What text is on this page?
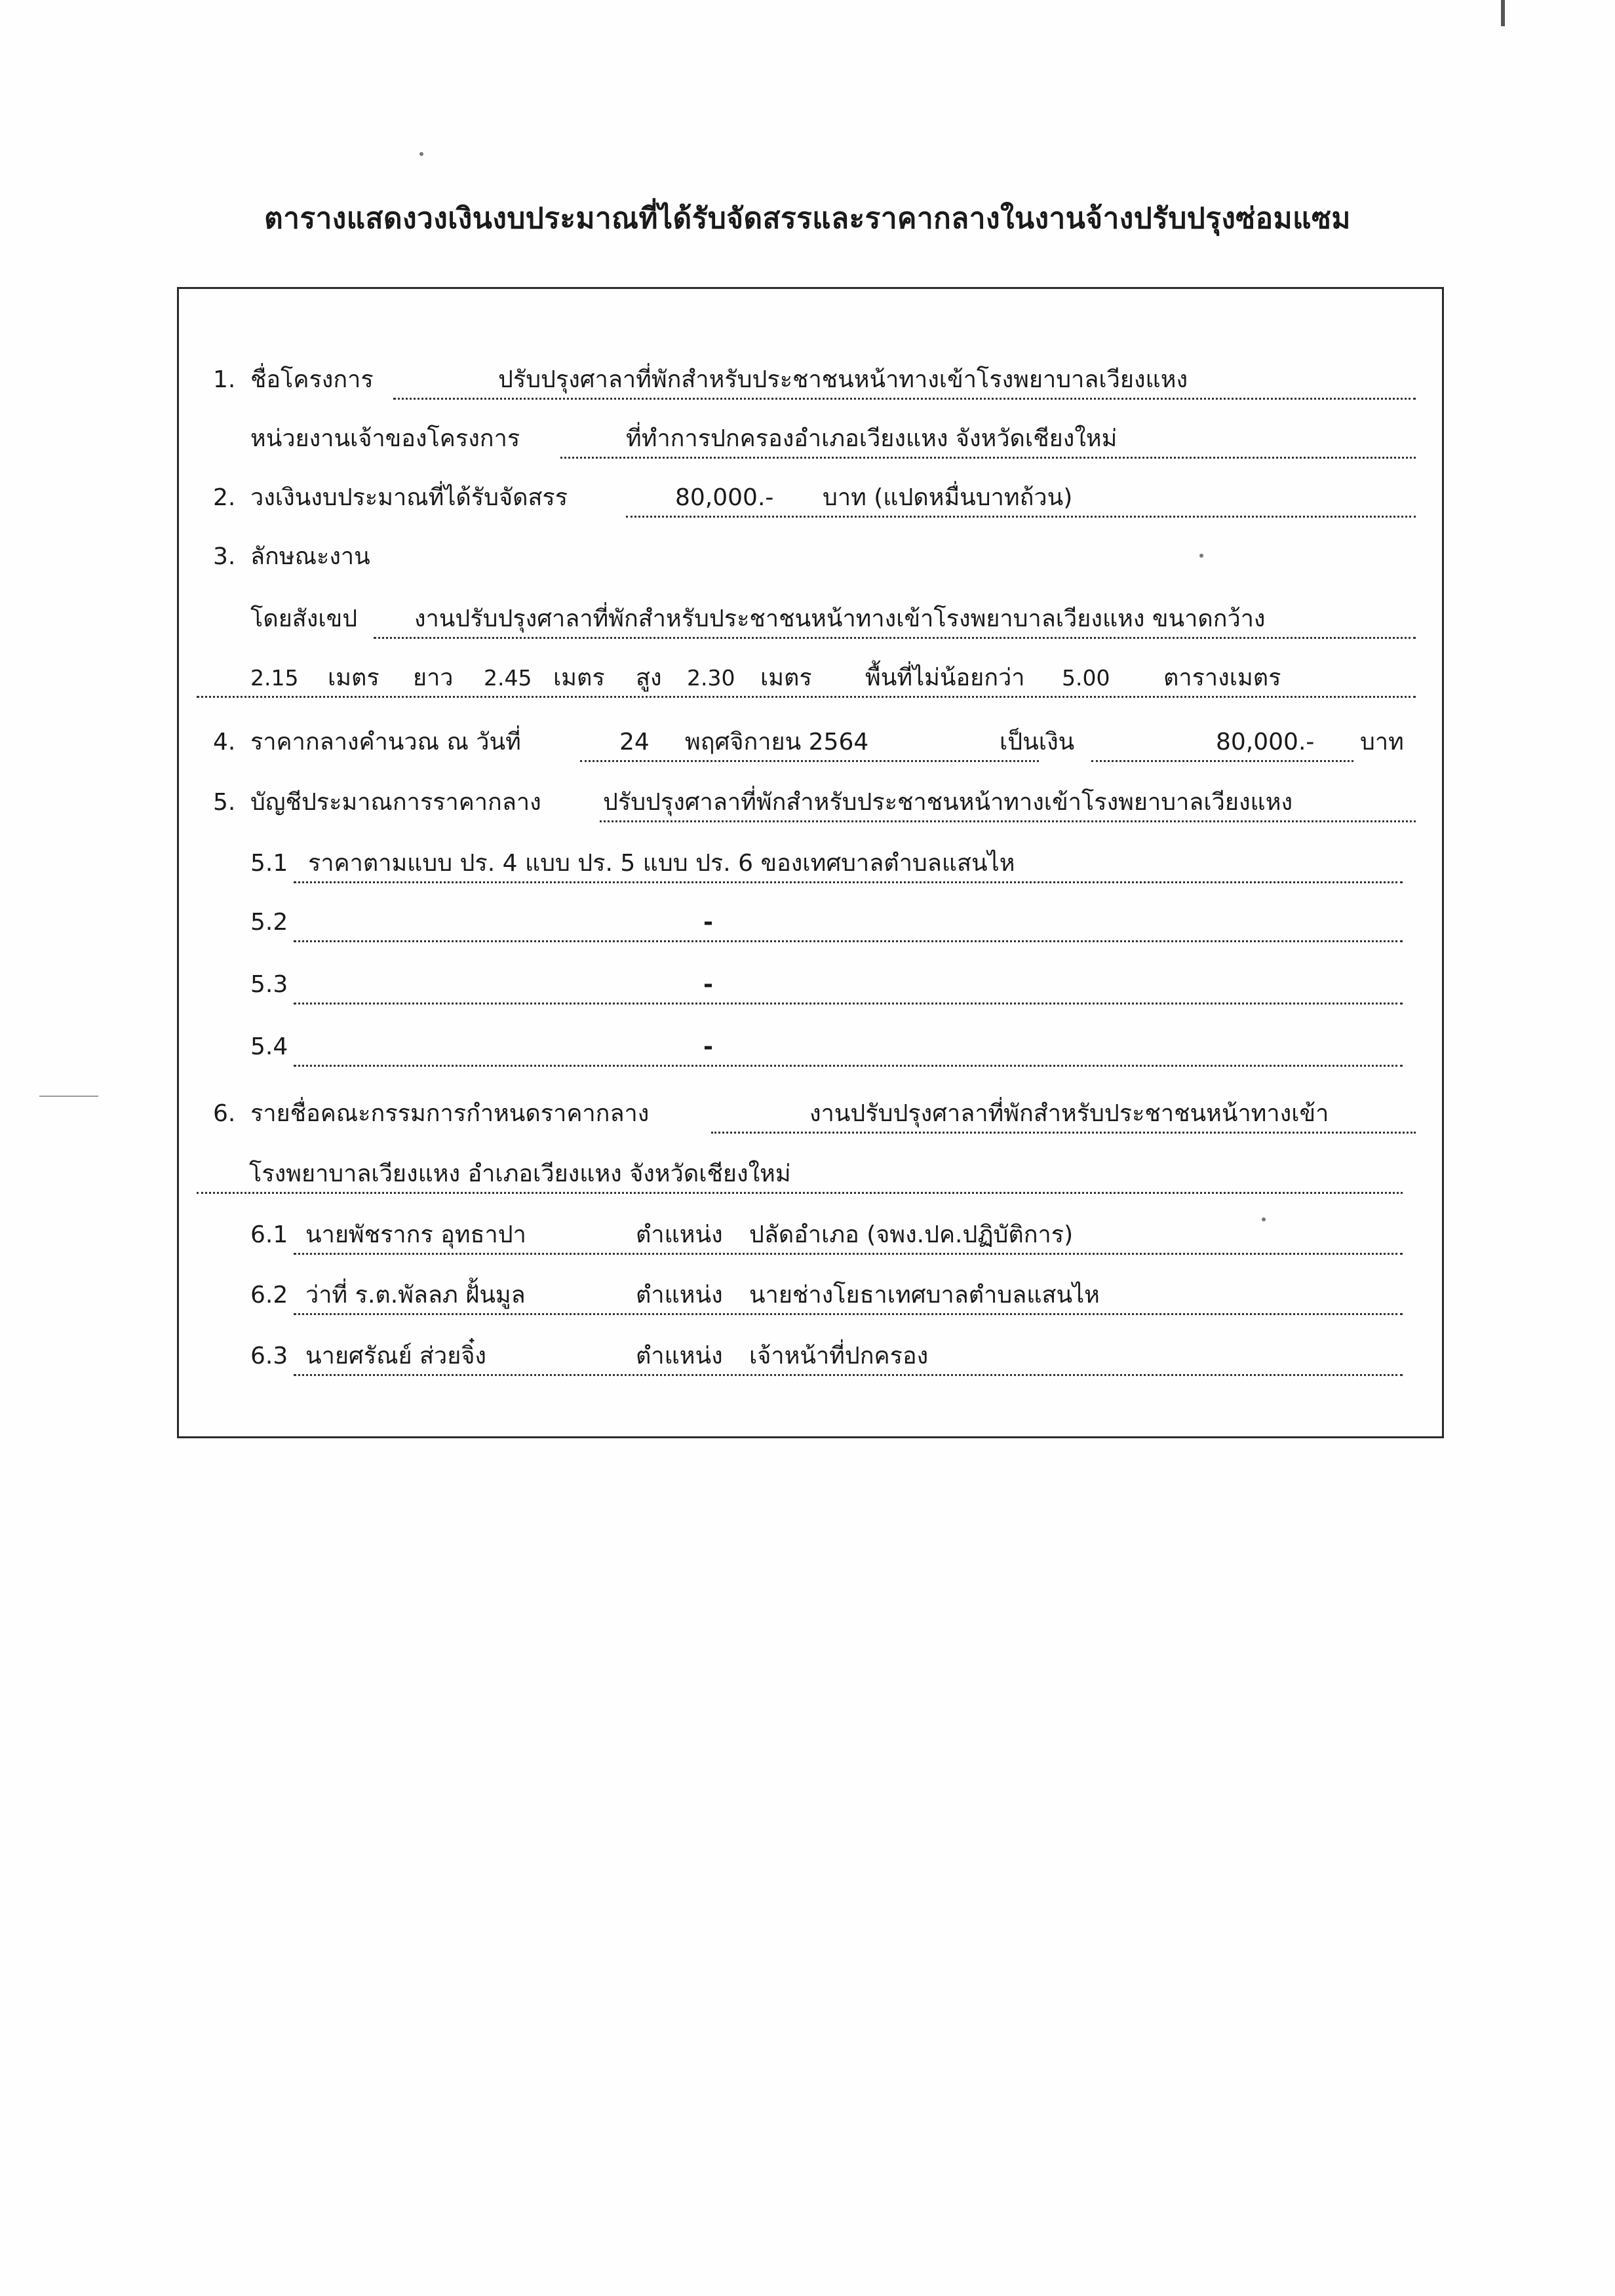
ตารางแสดงวงเงินงบประมาณที่ได้รับจัดสรรและราคากลางในงานจ้างปรับปรุงซ่อมแซม
1. ชื่อโครงการ	ปรับปรุงศาลาที่พักสำหรับประชาชนหน้าทางเข้าโรงพยาบาลเวียงแหง
หน่วยงานเจ้าของโครงการ	ที่ทำการปกครองอำเภอเวียงแหง จังหวัดเชียงใหม่
2. วงเงินงบประมาณที่ได้รับจัดสรร	80,000.- บาท (แปดหมื่นบาทถ้วน)
3. ลักษณะงาน
โดยสังเขป งานปรับปรุงศาลาที่พักสำหรับประชาชนหน้าทางเข้าโรงพยาบาลเวียงแหง ขนาดกว้าง
2.15 เมตร ยาว 2.45 เมตร สูง 2.30 เมตร พื้นที่ไม่น้อยกว่า 5.00 ตารางเมตร
4. ราคากลางคำนวณ ณ วันที่	24 พฤศจิกายน 2564	เป็นเงิน	80,000.- บาท
5. บัญชีประมาณการราคากลาง	ปรับปรุงศาลาที่พักสำหรับประชาชนหน้าทางเข้าโรงพยาบาลเวียงแหง
5.1 ราคาตามแบบ ปร. 4 แบบ ปร. 5 แบบ ปร. 6 ของเทศบาลตำบลแสนไห
5.2	-
5.3	-
5.4	-
6. รายชื่อคณะกรรมการกำหนดราคากลาง	งานปรับปรุงศาลาที่พักสำหรับประชาชนหน้าทางเข้า
โรงพยาบาลเวียงแหง อำเภอเวียงแหง จังหวัดเชียงใหม่
6.1 นายพัชรากร อุทธาปา	ตำแหน่ง ปลัดอำเภอ (จพง.ปค.ปฏิบัติการ)
6.2 ว่าที่ ร.ต.พัลลภ ฝั้นมูล	ตำแหน่ง นายช่างโยธาเทศบาลตำบลแสนไห
6.3 นายศรัณย์ ส่วยจิ๋ง	ตำแหน่ง เจ้าหน้าที่ปกครอง
